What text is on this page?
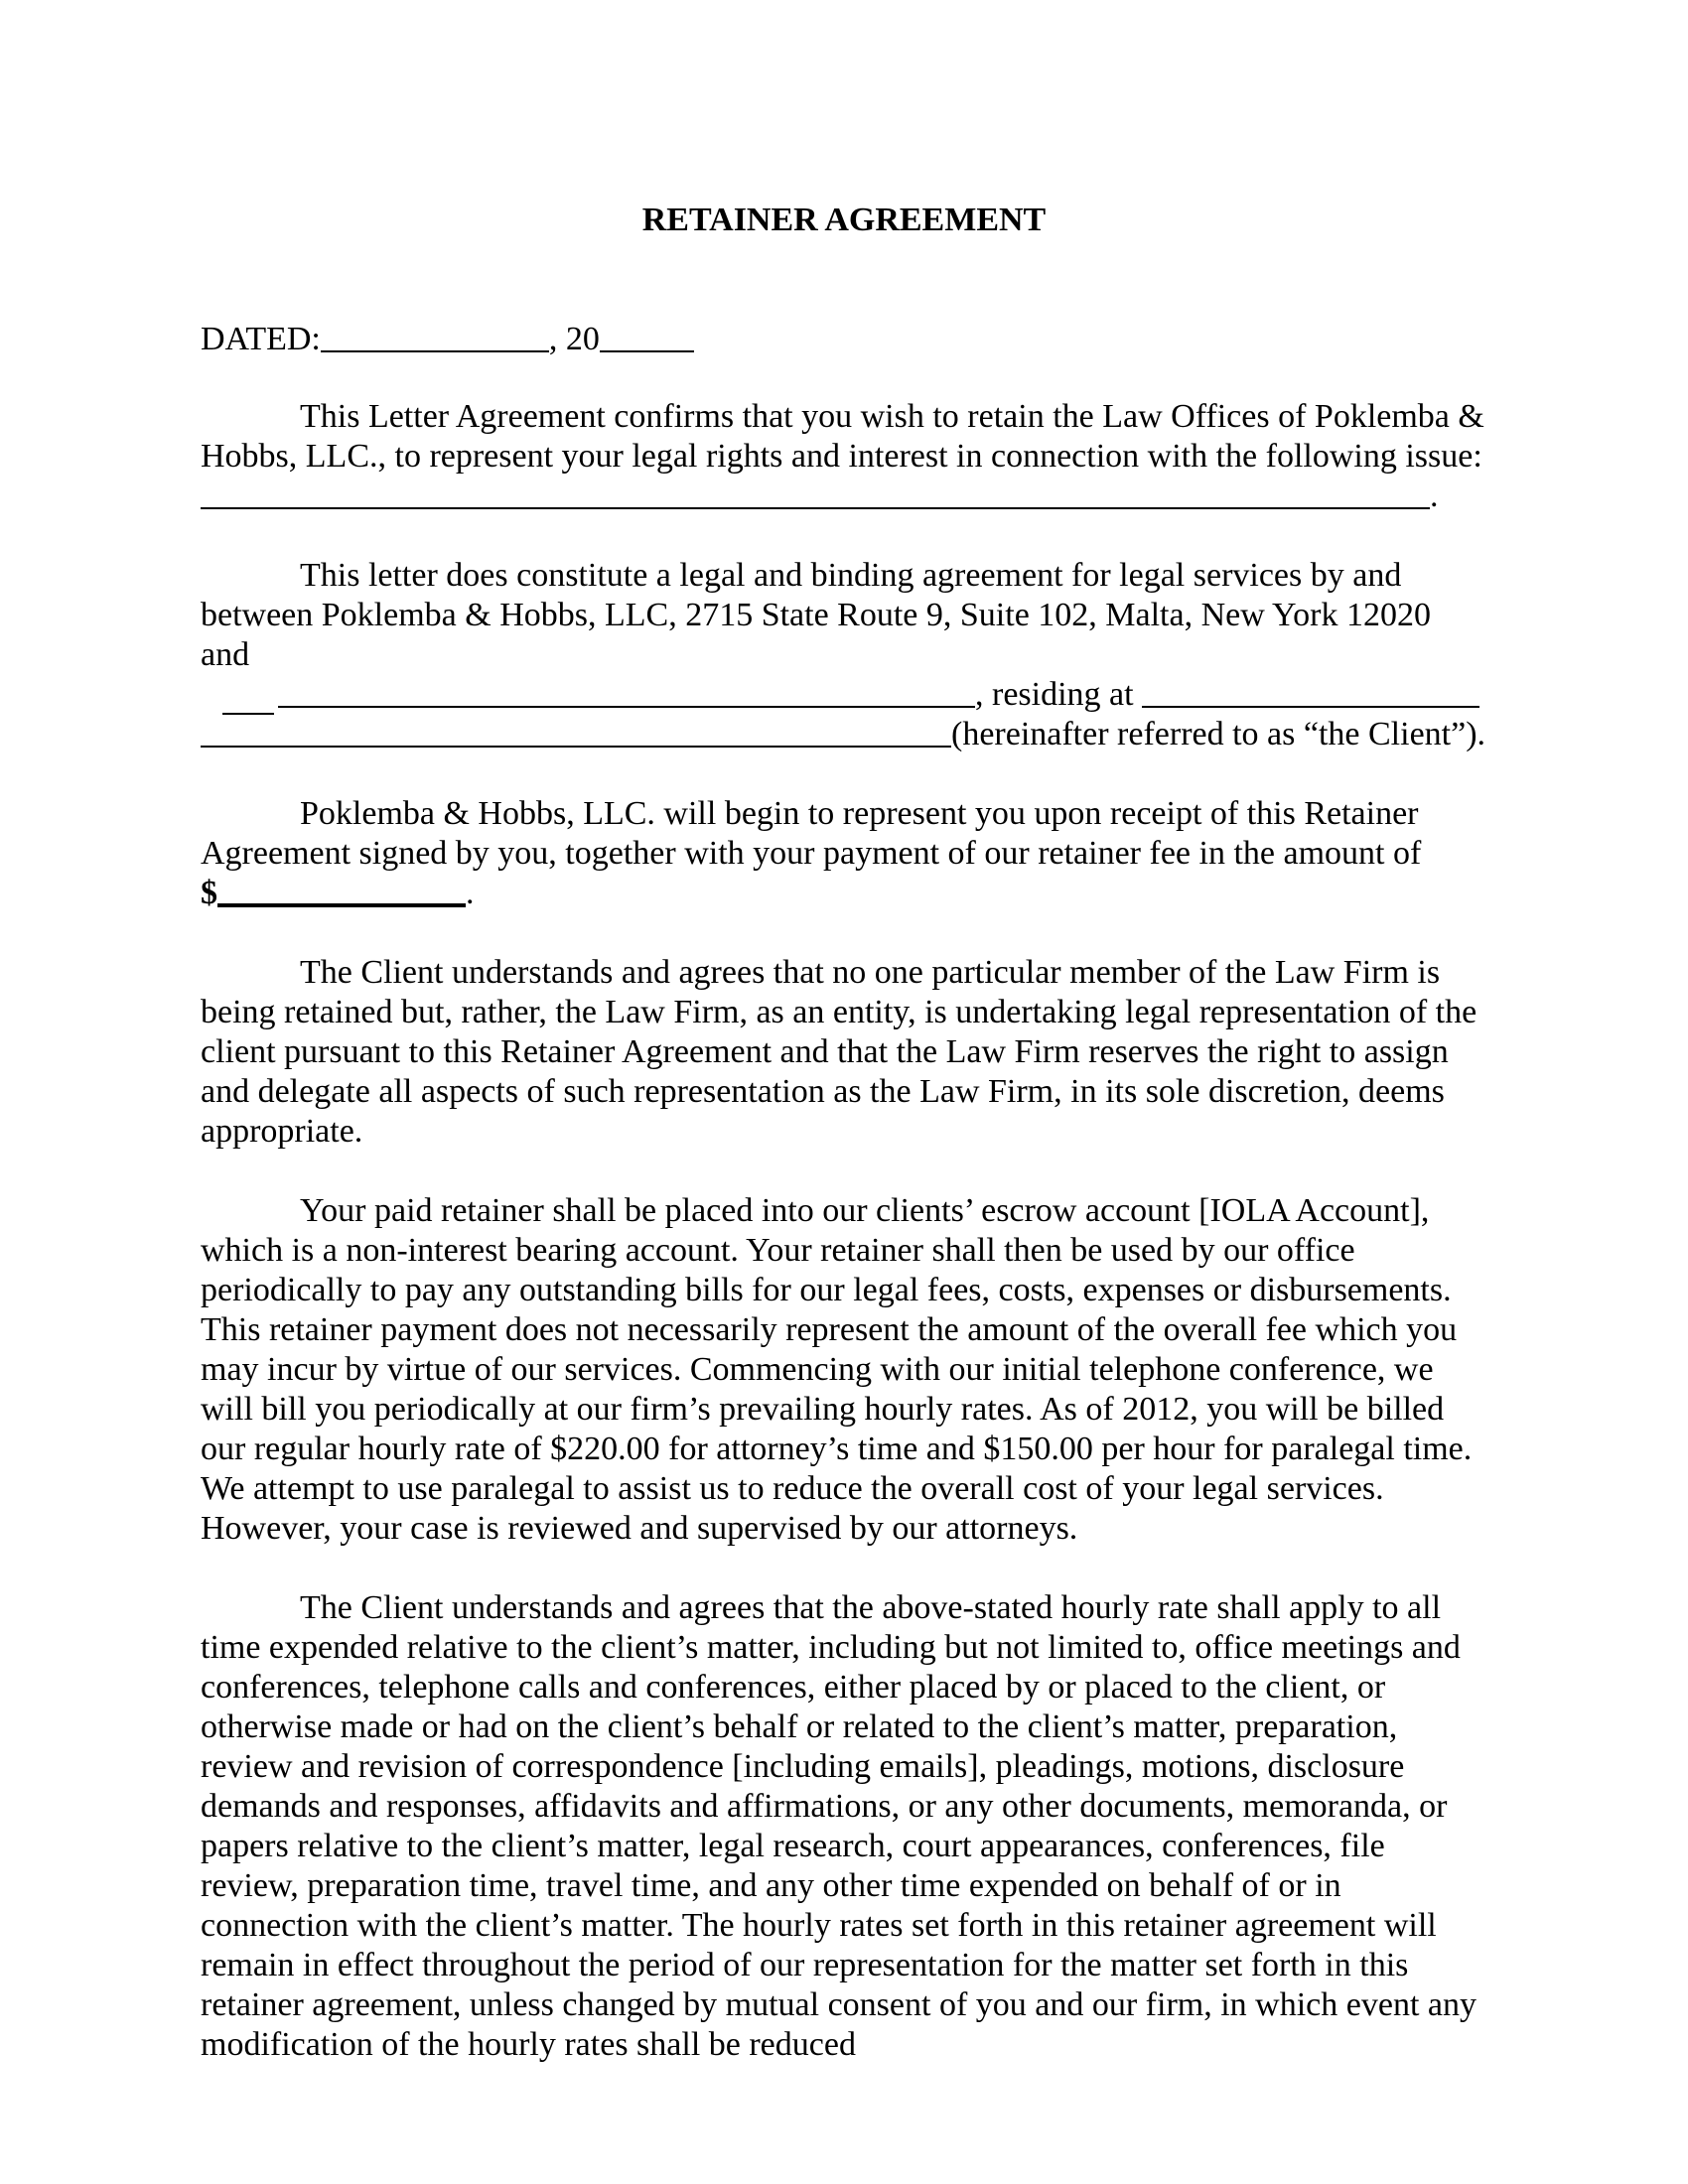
RETAINER AGREEMENT
DATED:	, 20

This Letter Agreement confirms that you wish to retain the Law Offices of Poklemba & Hobbs, LLC., to represent your legal rights and interest in connection with the following issue:

.

This letter does constitute a legal and binding agreement for legal services by and between Poklemba & Hobbs, LLC, 2715 State Route 9, Suite 102, Malta, New York 12020 and

, residing at
(hereinafter referred to as “the Client”).

Poklemba & Hobbs, LLC. will begin to represent you upon receipt of this Retainer Agreement signed by you, together with your payment of our retainer fee in the amount of

$	.

The Client understands and agrees that no one particular member of the Law Firm is being retained but, rather, the Law Firm, as an entity, is undertaking legal representation of the client pursuant to this Retainer Agreement and that the Law Firm reserves the right to assign and delegate all aspects of such representation as the Law Firm, in its sole discretion, deems appropriate.

Your paid retainer shall be placed into our clients’ escrow account [IOLA Account], which is a non-interest bearing account. Your retainer shall then be used by our office periodically to pay any outstanding bills for our legal fees, costs, expenses or disbursements. This retainer payment does not necessarily represent the amount of the overall fee which you may incur by virtue of our services. Commencing with our initial telephone conference, we will bill you periodically at our firm’s prevailing hourly rates. As of 2012, you will be billed our regular hourly rate of $220.00 for attorney’s time and $150.00 per hour for paralegal time. We attempt to use paralegal to assist us to reduce the overall cost of your legal services. However, your case is reviewed and supervised by our attorneys.

The Client understands and agrees that the above-stated hourly rate shall apply to all time expended relative to the client’s matter, including but not limited to, office meetings and conferences, telephone calls and conferences, either placed by or placed to the client, or otherwise made or had on the client’s behalf or related to the client’s matter, preparation, review and revision of correspondence [including emails], pleadings, motions, disclosure demands and responses, affidavits and affirmations, or any other documents, memoranda, or papers relative to the client’s matter, legal research, court appearances, conferences, file review, preparation time, travel time, and any other time expended on behalf of or in connection with the client’s matter. The hourly rates set forth in this retainer agreement will remain in effect throughout the period of our representation for the matter set forth in this retainer agreement, unless changed by mutual consent of you and our firm, in which event any modification of the hourly rates shall be reduced
